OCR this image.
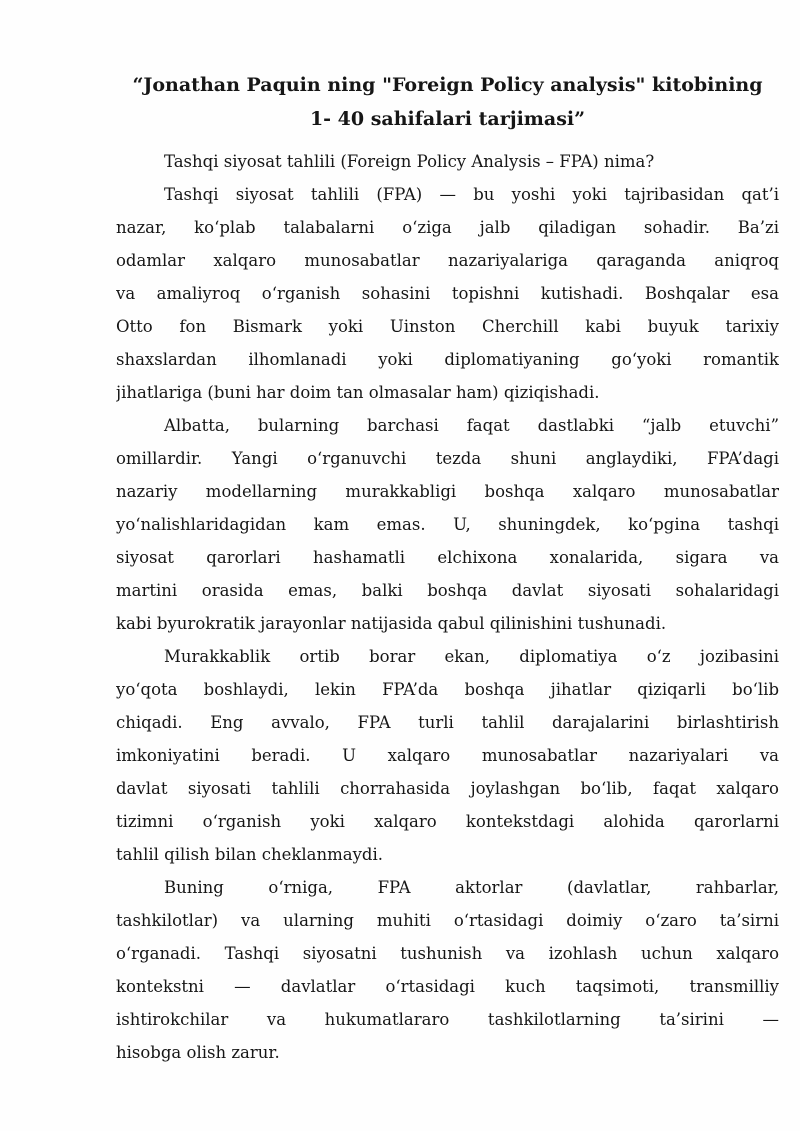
“Jonathan Paquin ning "Foreign Policy analysis" kitobining
1- 40 sahifalari tarjimasi”
Tashqi siyosat tahlili (Foreign Policy Analysis – FPA) nima?
Tashqi siyosat tahlili (FPA) — bu yoshi yoki tajribasidan qat’i
nazar, koʻplab talabalarni oʻziga jalb qiladigan sohadir. Ba’zi
odamlar xalqaro munosabatlar nazariyalariga qaraganda aniqroq
va amaliyroq oʻrganish sohasini topishni kutishadi. Boshqalar esa
Otto fon Bismark yoki Uinston Cherchill kabi buyuk tarixiy
shaxslardan ilhomlanadi yoki diplomatiyaning goʻyoki romantik
jihatlariga (buni har doim tan olmasalar ham) qiziqishadi.
Albatta, bularning barchasi faqat dastlabki “jalb etuvchi”
omillardir. Yangi oʻrganuvchi tezda shuni anglaydiki, FPA’dagi
nazariy modellarning murakkabligi boshqa xalqaro munosabatlar
yoʻnalishlaridagidan kam emas. U, shuningdek, koʻpgina tashqi
siyosat qarorlari hashamatli elchixona xonalarida, sigara va
martini orasida emas, balki boshqa davlat siyosati sohalaridagi
kabi byurokratik jarayonlar natijasida qabul qilinishini tushunadi.
Murakkablik ortib borar ekan, diplomatiya oʻz jozibasini
yoʻqota boshlaydi, lekin FPA’da boshqa jihatlar qiziqarli boʻlib
chiqadi. Eng avvalo, FPA turli tahlil darajalarini birlashtirish
imkoniyatini beradi. U xalqaro munosabatlar nazariyalari va
davlat siyosati tahlili chorrahasida joylashgan boʻlib, faqat xalqaro
tizimni oʻrganish yoki xalqaro kontekstdagi alohida qarorlarni
tahlil qilish bilan cheklanmaydi.
Buning oʻrniga, FPA aktorlar (davlatlar, rahbarlar,
tashkilotlar) va ularning muhiti oʻrtasidagi doimiy oʻzaro ta’sirni
oʻrganadi. Tashqi siyosatni tushunish va izohlash uchun xalqaro
kontekstni — davlatlar oʻrtasidagi kuch taqsimoti, transmilliy
ishtirokchilar va hukumatlararo tashkilotlarning ta’sirini —
hisobga olish zarur.
